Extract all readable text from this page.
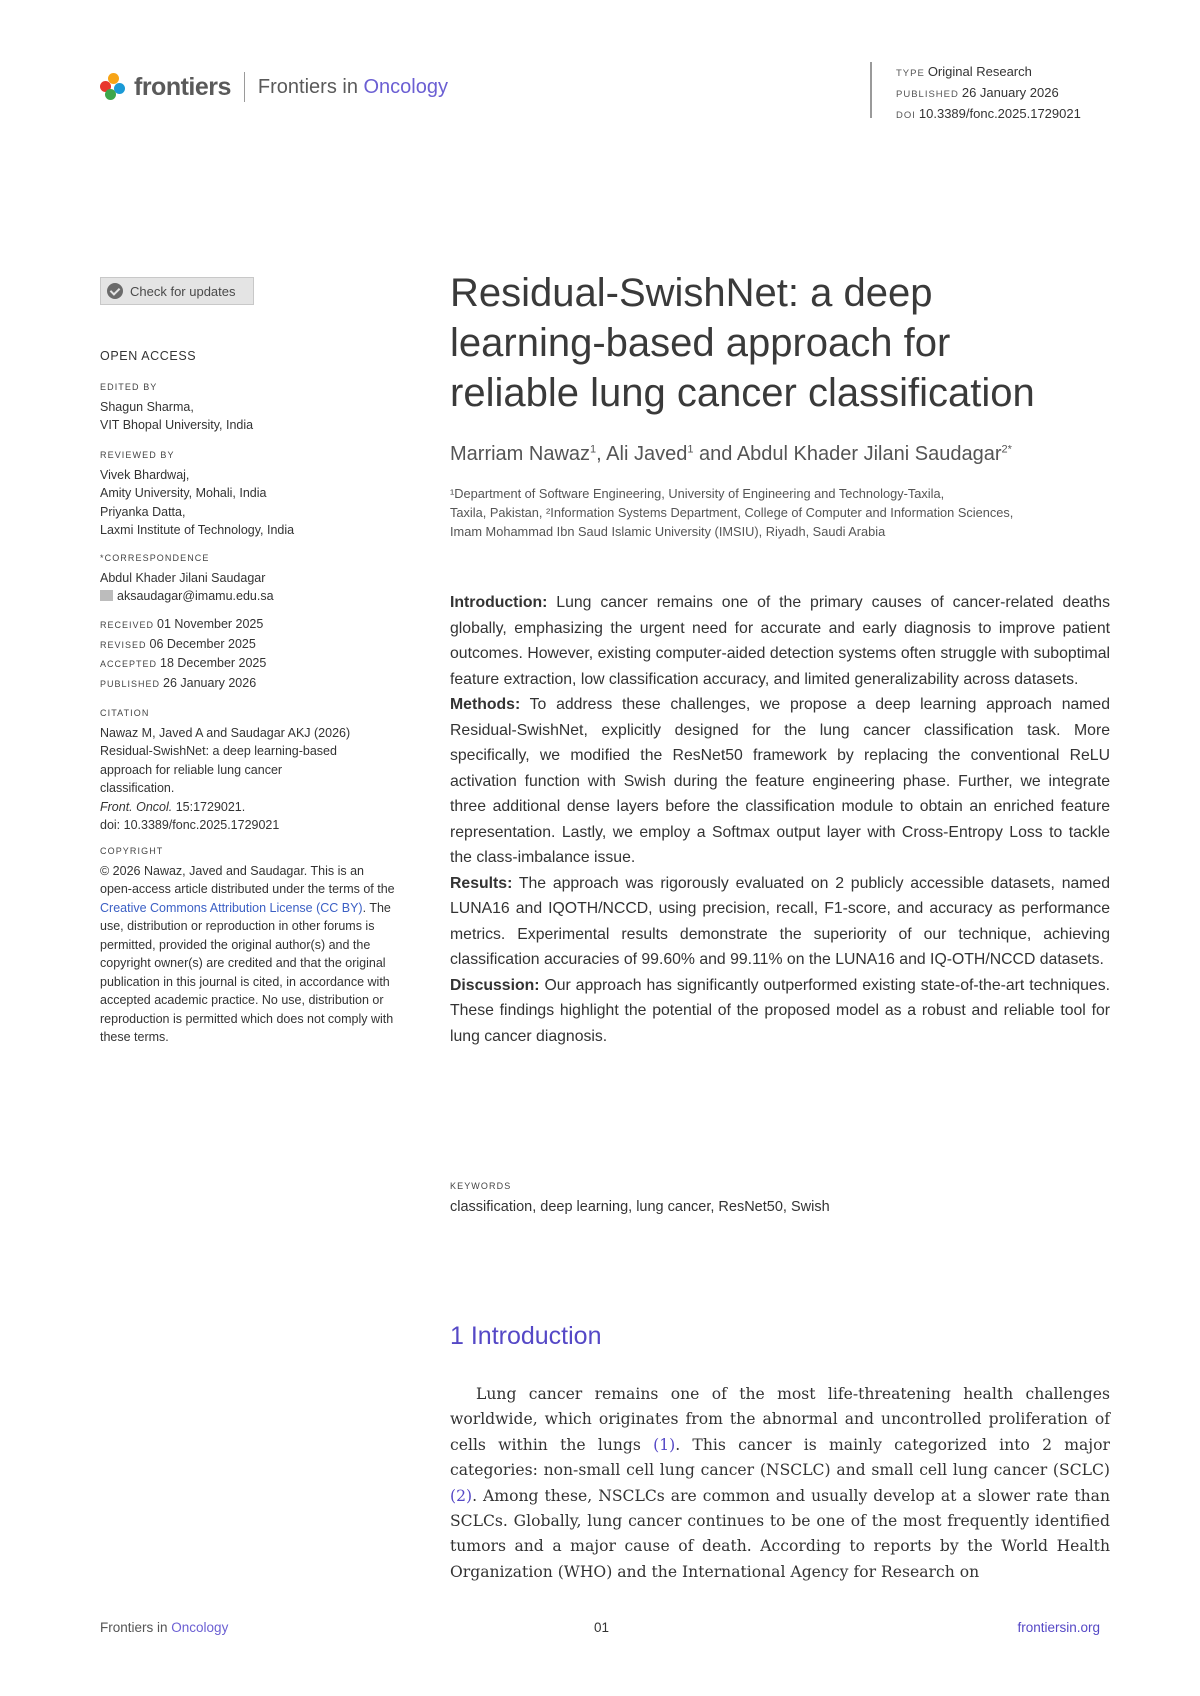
frontiers Frontiers in Oncology
TYPE Original Research
PUBLISHED 26 January 2026
DOI 10.3389/fonc.2025.1729021
Check for updates
OPEN ACCESS
EDITED BY
Shagun Sharma,
VIT Bhopal University, India
REVIEWED BY
Vivek Bhardwaj,
Amity University, Mohali, India
Priyanka Datta,
Laxmi Institute of Technology, India
*CORRESPONDENCE
Abdul Khader Jilani Saudagar
aksaudagar@imamu.edu.sa
RECEIVED 01 November 2025
REVISED 06 December 2025
ACCEPTED 18 December 2025
PUBLISHED 26 January 2026
CITATION
Nawaz M, Javed A and Saudagar AKJ (2026)
Residual-SwishNet: a deep learning-based
approach for reliable lung cancer
classification.
Front. Oncol. 15:1729021.
doi: 10.3389/fonc.2025.1729021
COPYRIGHT
© 2026 Nawaz, Javed and Saudagar. This is an open-access article distributed under the terms of the Creative Commons Attribution License (CC BY). The use, distribution or reproduction in other forums is permitted, provided the original author(s) and the copyright owner(s) are credited and that the original publication in this journal is cited, in accordance with accepted academic practice. No use, distribution or reproduction is permitted which does not comply with these terms.
Residual-SwishNet: a deep
learning-based approach for
reliable lung cancer classification
Marriam Nawaz$^1$, Ali Javed$^1$ and Abdul Khader Jilani Saudagar$^{2*}$
¹Department of Software Engineering, University of Engineering and Technology-Taxila,
Taxila, Pakistan, ²Information Systems Department, College of Computer and Information Sciences,
Imam Mohammad Ibn Saud Islamic University (IMSIU), Riyadh, Saudi Arabia

Introduction: Lung cancer remains one of the primary causes of cancer-related deaths globally, emphasizing the urgent need for accurate and early diagnosis to improve patient outcomes. However, existing computer-aided detection systems often struggle with suboptimal feature extraction, low classification accuracy, and limited generalizability across datasets.

Methods: To address these challenges, we propose a deep learning approach named Residual-SwishNet, explicitly designed for the lung cancer classification task. More specifically, we modified the ResNet50 framework by replacing the conventional ReLU activation function with Swish during the feature engineering phase. Further, we integrate three additional dense layers before the classification module to obtain an enriched feature representation. Lastly, we employ a Softmax output layer with Cross-Entropy Loss to tackle the class-imbalance issue.

Results: The approach was rigorously evaluated on 2 publicly accessible datasets, named LUNA16 and IQOTH/NCCD, using precision, recall, F1-score, and accuracy as performance metrics. Experimental results demonstrate the superiority of our technique, achieving classification accuracies of 99.60% and 99.11% on the LUNA16 and IQ-OTH/NCCD datasets.

Discussion: Our approach has significantly outperformed existing state-of-the-art techniques. These findings highlight the potential of the proposed model as a robust and reliable tool for lung cancer diagnosis.

KEYWORDS
classification, deep learning, lung cancer, ResNet50, Swish
1 Introduction
Lung cancer remains one of the most life-threatening health challenges worldwide, which originates from the abnormal and uncontrolled proliferation of cells within the lungs (1). This cancer is mainly categorized into 2 major categories: non-small cell lung cancer (NSCLC) and small cell lung cancer (SCLC) (2). Among these, NSCLCs are common and usually develop at a slower rate than SCLCs. Globally, lung cancer continues to be one of the most frequently identified tumors and a major cause of death. According to reports by the World Health Organization (WHO) and the International Agency for Research on
Frontiers in Oncology	01	frontiersin.org
